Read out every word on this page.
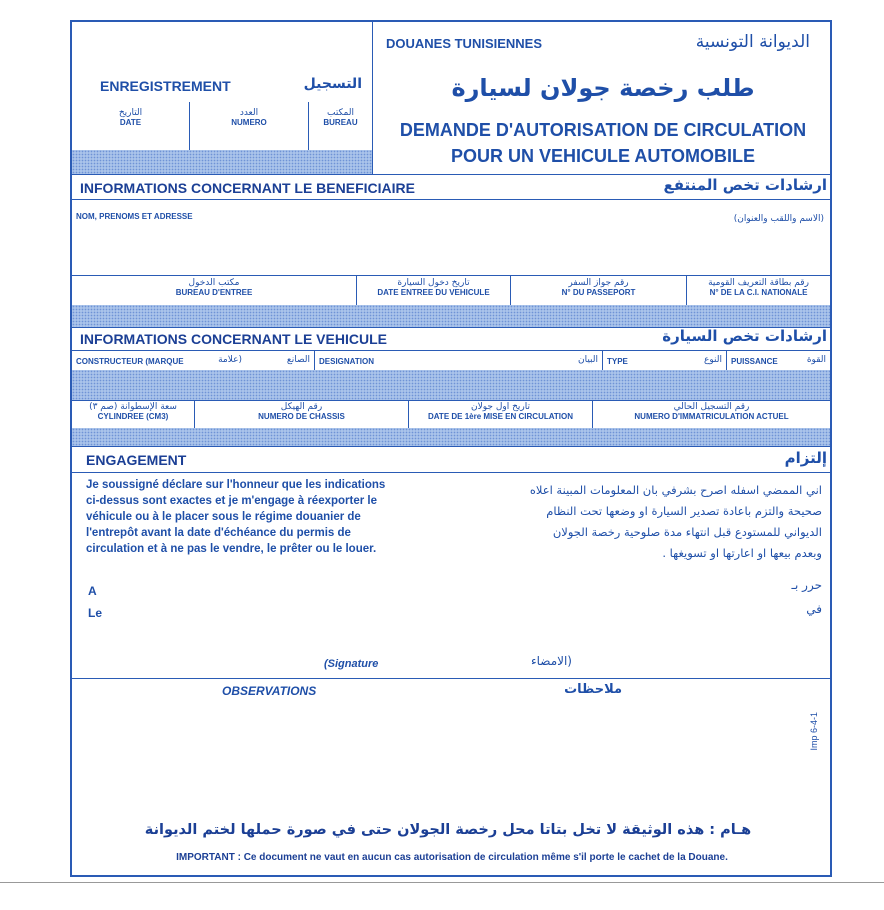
ENREGISTREMENT	التسجيل
التاريخ
DATE
العدد
NUMERO
المكتب
BUREAU
DOUANES TUNISIENNES	الديوانة التونسية
طلب رخصة جولان لسيارة
DEMANDE D'AUTORISATION DE CIRCULATION
POUR UN VEHICULE AUTOMOBILE
INFORMATIONS CONCERNANT LE BENEFICIAIRE	ارشادات تخص المنتفع
NOM, PRENOMS ET ADRESSE	(الاسم واللقب والعنوان)
مكتب الدخول
BUREAU D'ENTREE
تاريخ دخول السيارة
DATE ENTREE DU VEHICULE
رقم جواز السفر
N° DU PASSEPORT
رقم بطاقة التعريف القومية
N° DE LA C.I. NATIONALE
INFORMATIONS CONCERNANT LE VEHICULE	ارشادات تخص السيارة
CONSTRUCTEUR (MARQUE	(علامة	الصانع DESIGNATION	البيان TYPE	النوع PUISSANCE	القوة
سعة الإسطوانة (صم ٣)
CYLINDREE (CM3)
رقم الهيكل
NUMERO DE CHASSIS
تاريخ اول جولان
DATE DE 1ère MISE EN CIRCULATION
رقم التسجيل الحالي
NUMERO D'IMMATRICULATION ACTUEL
ENGAGEMENT	إلتزام
Je soussigné déclare sur l'honneur que les indications
ci-dessus sont exactes et je m'engage à réexporter le
véhicule ou à le placer sous le régime douanier de
l'entrepôt avant la date d'échéance du permis de
circulation et à ne pas le vendre, le prêter ou le louer.
اني الممضي اسفله اصرح بشرفي بان المعلومات المبينة اعلاه
صحيحة والتزم باعادة تصدير السيارة او وضعها تحت النظام
الديواني للمستودع قبل انتهاء مدة صلوحية رخصة الجولان
وبعدم بيعها او اعارتها او تسويغها .
A
Le
حرر بـ
في
(Signature	(الامضاء
OBSERVATIONS	ملاحظات
Imp 6-4-1
هـام : هذه الوثيقة لا تخل بتاتا محل رخصة الجولان حتى في صورة حملها لختم الديوانة
IMPORTANT : Ce document ne vaut en aucun cas autorisation de circulation même s'il porte le cachet de la Douane.
